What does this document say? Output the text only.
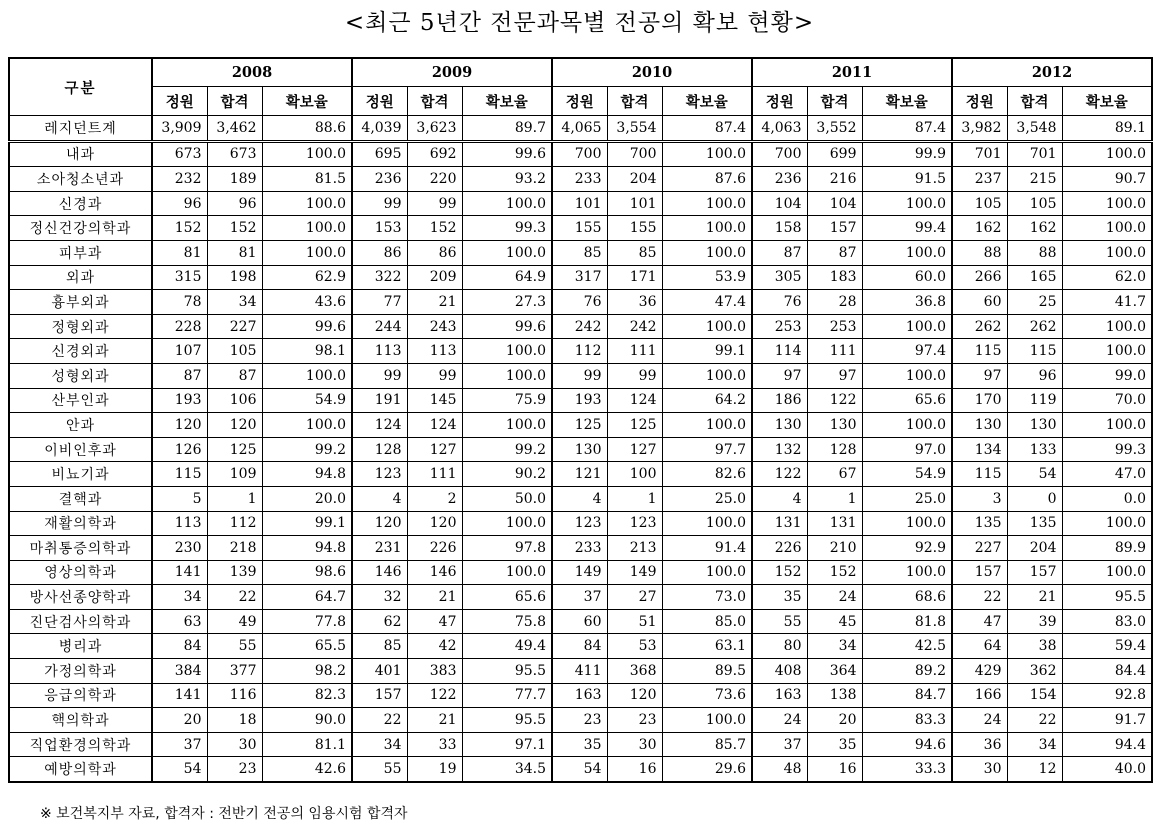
<최근 5년간 전문과목별 전공의 확보 현황>
구분	2008			2009			2010			2011			2012		
	정원	합격	확보율	정원	합격	확보율	정원	합격	확보율	정원	합격	확보율	정원	합격	확보율
레지던트계	3,909	3,462	88.6	4,039	3,623	89.7	4,065	3,554	87.4	4,063	3,552	87.4	3,982	3,548	89.1
내과	673	673	100.0	695	692	99.6	700	700	100.0	700	699	99.9	701	701	100.0
소아청소년과	232	189	81.5	236	220	93.2	233	204	87.6	236	216	91.5	237	215	90.7
신경과	96	96	100.0	99	99	100.0	101	101	100.0	104	104	100.0	105	105	100.0
정신건강의학과	152	152	100.0	153	152	99.3	155	155	100.0	158	157	99.4	162	162	100.0
피부과	81	81	100.0	86	86	100.0	85	85	100.0	87	87	100.0	88	88	100.0
외과	315	198	62.9	322	209	64.9	317	171	53.9	305	183	60.0	266	165	62.0
흉부외과	78	34	43.6	77	21	27.3	76	36	47.4	76	28	36.8	60	25	41.7
정형외과	228	227	99.6	244	243	99.6	242	242	100.0	253	253	100.0	262	262	100.0
신경외과	107	105	98.1	113	113	100.0	112	111	99.1	114	111	97.4	115	115	100.0
성형외과	87	87	100.0	99	99	100.0	99	99	100.0	97	97	100.0	97	96	99.0
산부인과	193	106	54.9	191	145	75.9	193	124	64.2	186	122	65.6	170	119	70.0
안과	120	120	100.0	124	124	100.0	125	125	100.0	130	130	100.0	130	130	100.0
이비인후과	126	125	99.2	128	127	99.2	130	127	97.7	132	128	97.0	134	133	99.3
비뇨기과	115	109	94.8	123	111	90.2	121	100	82.6	122	67	54.9	115	54	47.0
결핵과	5	1	20.0	4	2	50.0	4	1	25.0	4	1	25.0	3	0	0.0
재활의학과	113	112	99.1	120	120	100.0	123	123	100.0	131	131	100.0	135	135	100.0
마취통증의학과	230	218	94.8	231	226	97.8	233	213	91.4	226	210	92.9	227	204	89.9
영상의학과	141	139	98.6	146	146	100.0	149	149	100.0	152	152	100.0	157	157	100.0
방사선종양학과	34	22	64.7	32	21	65.6	37	27	73.0	35	24	68.6	22	21	95.5
진단검사의학과	63	49	77.8	62	47	75.8	60	51	85.0	55	45	81.8	47	39	83.0
병리과	84	55	65.5	85	42	49.4	84	53	63.1	80	34	42.5	64	38	59.4
가정의학과	384	377	98.2	401	383	95.5	411	368	89.5	408	364	89.2	429	362	84.4
응급의학과	141	116	82.3	157	122	77.7	163	120	73.6	163	138	84.7	166	154	92.8
핵의학과	20	18	90.0	22	21	95.5	23	23	100.0	24	20	83.3	24	22	91.7
직업환경의학과	37	30	81.1	34	33	97.1	35	30	85.7	37	35	94.6	36	34	94.4
예방의학과	54	23	42.6	55	19	34.5	54	16	29.6	48	16	33.3	30	12	40.0
※ 보건복지부 자료, 합격자 : 전반기 전공의 임용시험 합격자
